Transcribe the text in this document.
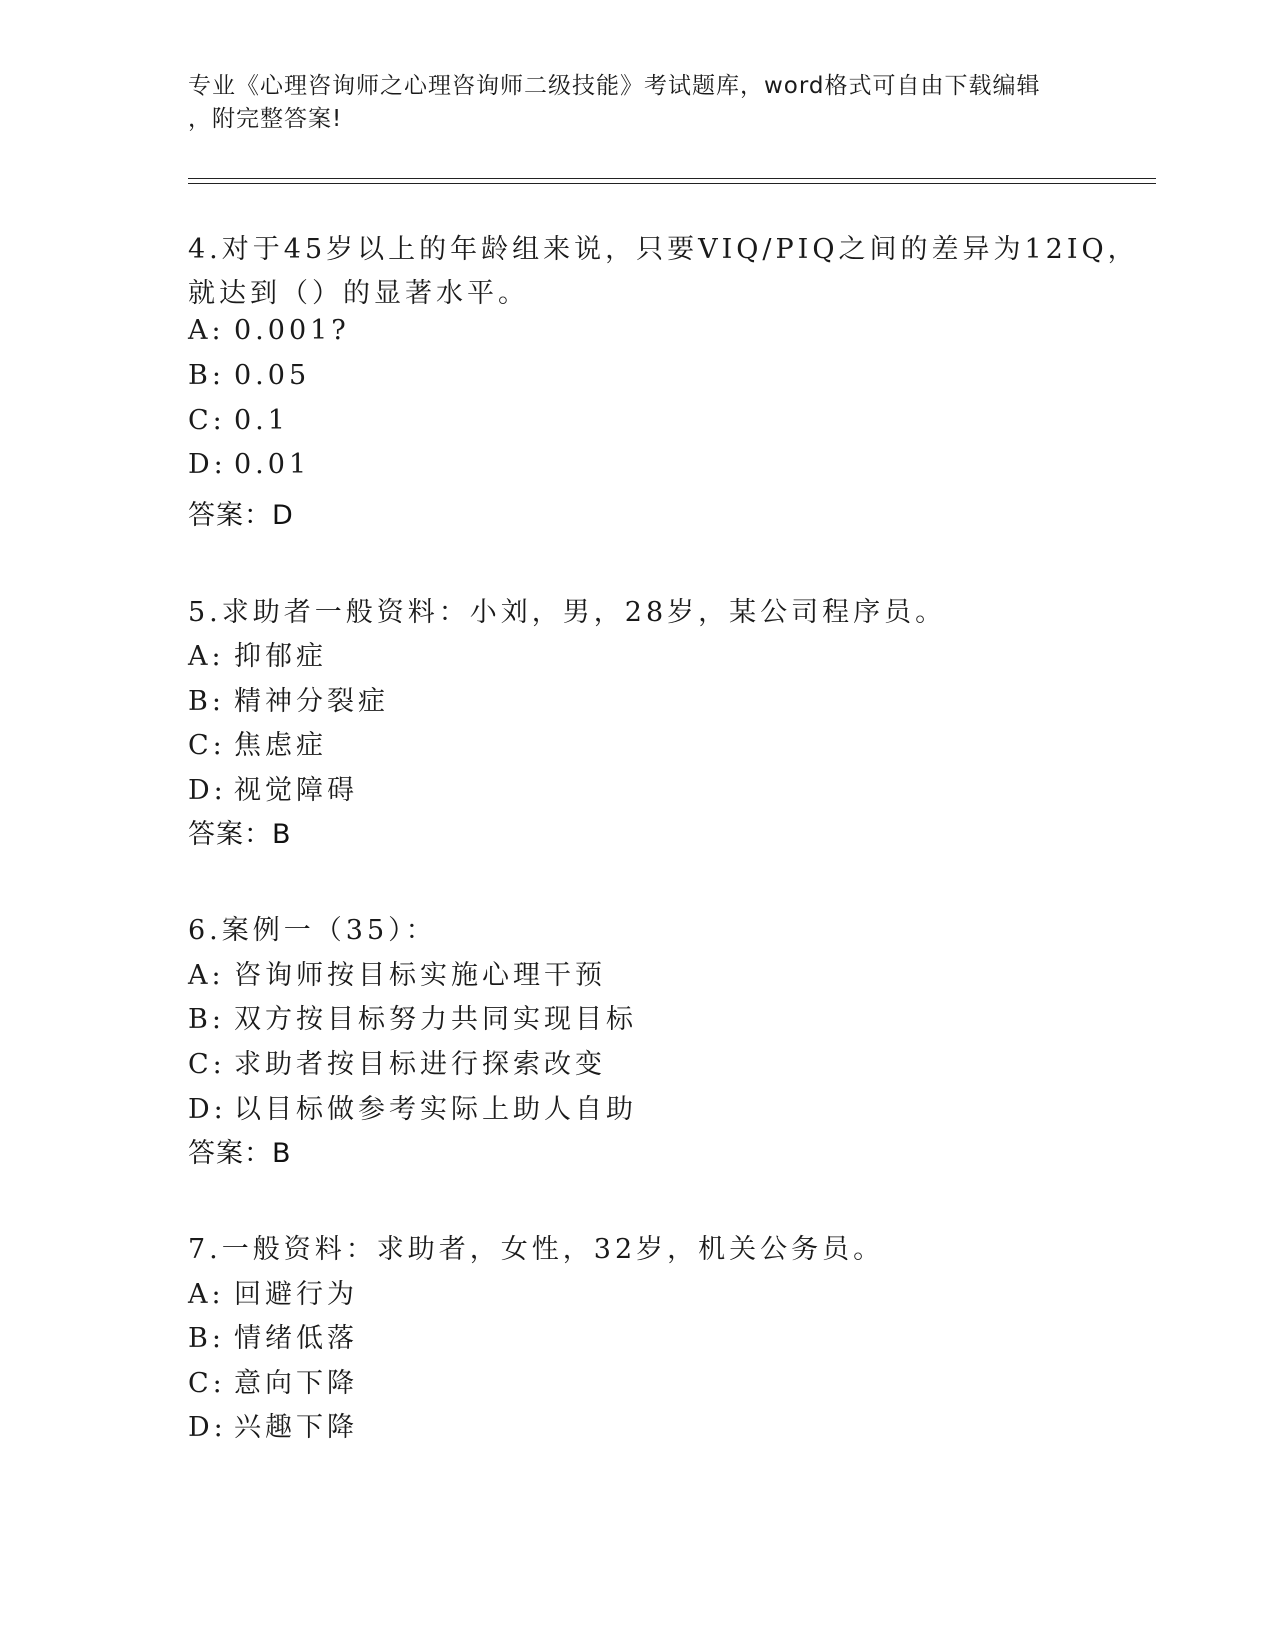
专业《心理咨询师之心理咨询师二级技能》考试题库，word格式可自由下载编辑
，附完整答案!
4.对于45岁以上的年龄组来说，只要VIQ/PIQ之间的差异为12IQ，
就达到（）的显著水平。
A: 0.001?
B: 0.05
C: 0.1
D: 0.01
答案：D
5.求助者一般资料：小刘，男，28岁，某公司程序员。
A: 抑郁症
B: 精神分裂症
C: 焦虑症
D: 视觉障碍
答案：B
6.案例一（35）：
A: 咨询师按目标实施心理干预
B: 双方按目标努力共同实现目标
C: 求助者按目标进行探索改变
D: 以目标做参考实际上助人自助
答案：B
7.一般资料：求助者，女性，32岁，机关公务员。
A: 回避行为
B: 情绪低落
C: 意向下降
D: 兴趣下降
